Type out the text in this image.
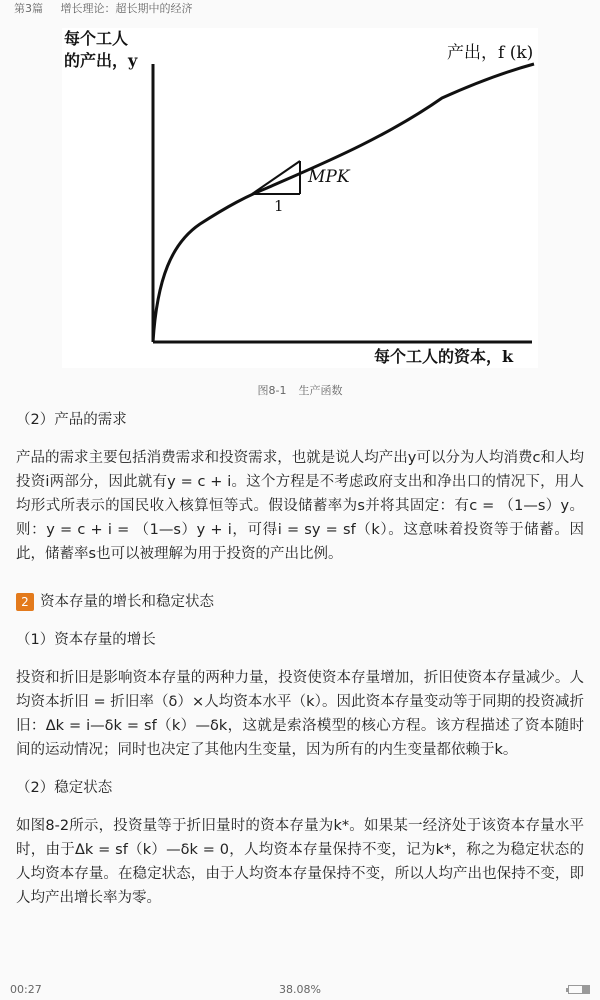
第3篇 增长理论：超长期中的经济
每个工人
的产出，y
MPK
1
产出，f (k)
每个工人的资本，k
图8-1 生产函数

（2）产品的需求

产品的需求主要包括消费需求和投资需求，也就是说人均产出y可以分为人均消费c和人均投资i两部分，因此就有y = c + i。这个方程是不考虑政府支出和净出口的情况下，用人均形式所表示的国民收入核算恒等式。假设储蓄率为s并将其固定：有c = （1—s）y。则：y = c + i = （1—s）y + i，可得i = sy = sf（k）。这意味着投资等于储蓄。因此，储蓄率s也可以被理解为用于投资的产出比例。

2 资本存量的增长和稳定状态

（1）资本存量的增长

投资和折旧是影响资本存量的两种力量，投资使资本存量增加，折旧使资本存量减少。人均资本折旧 = 折旧率（δ）×人均资本水平（k）。因此资本存量变动等于同期的投资减折旧：Δk = i—δk = sf（k）—δk，这就是索洛模型的核心方程。该方程描述了资本随时间的运动情况；同时也决定了其他内生变量，因为所有的内生变量都依赖于k。

（2）稳定状态

如图8-2所示，投资量等于折旧量时的资本存量为k*。如果某一经济处于该资本存量水平时，由于Δk = sf（k）—δk = 0，人均资本存量保持不变，记为k*，称之为稳定状态的人均资本存量。在稳定状态，由于人均资本存量保持不变，所以人均产出也保持不变，即人均产出增长率为零。

00:27	38.08%
